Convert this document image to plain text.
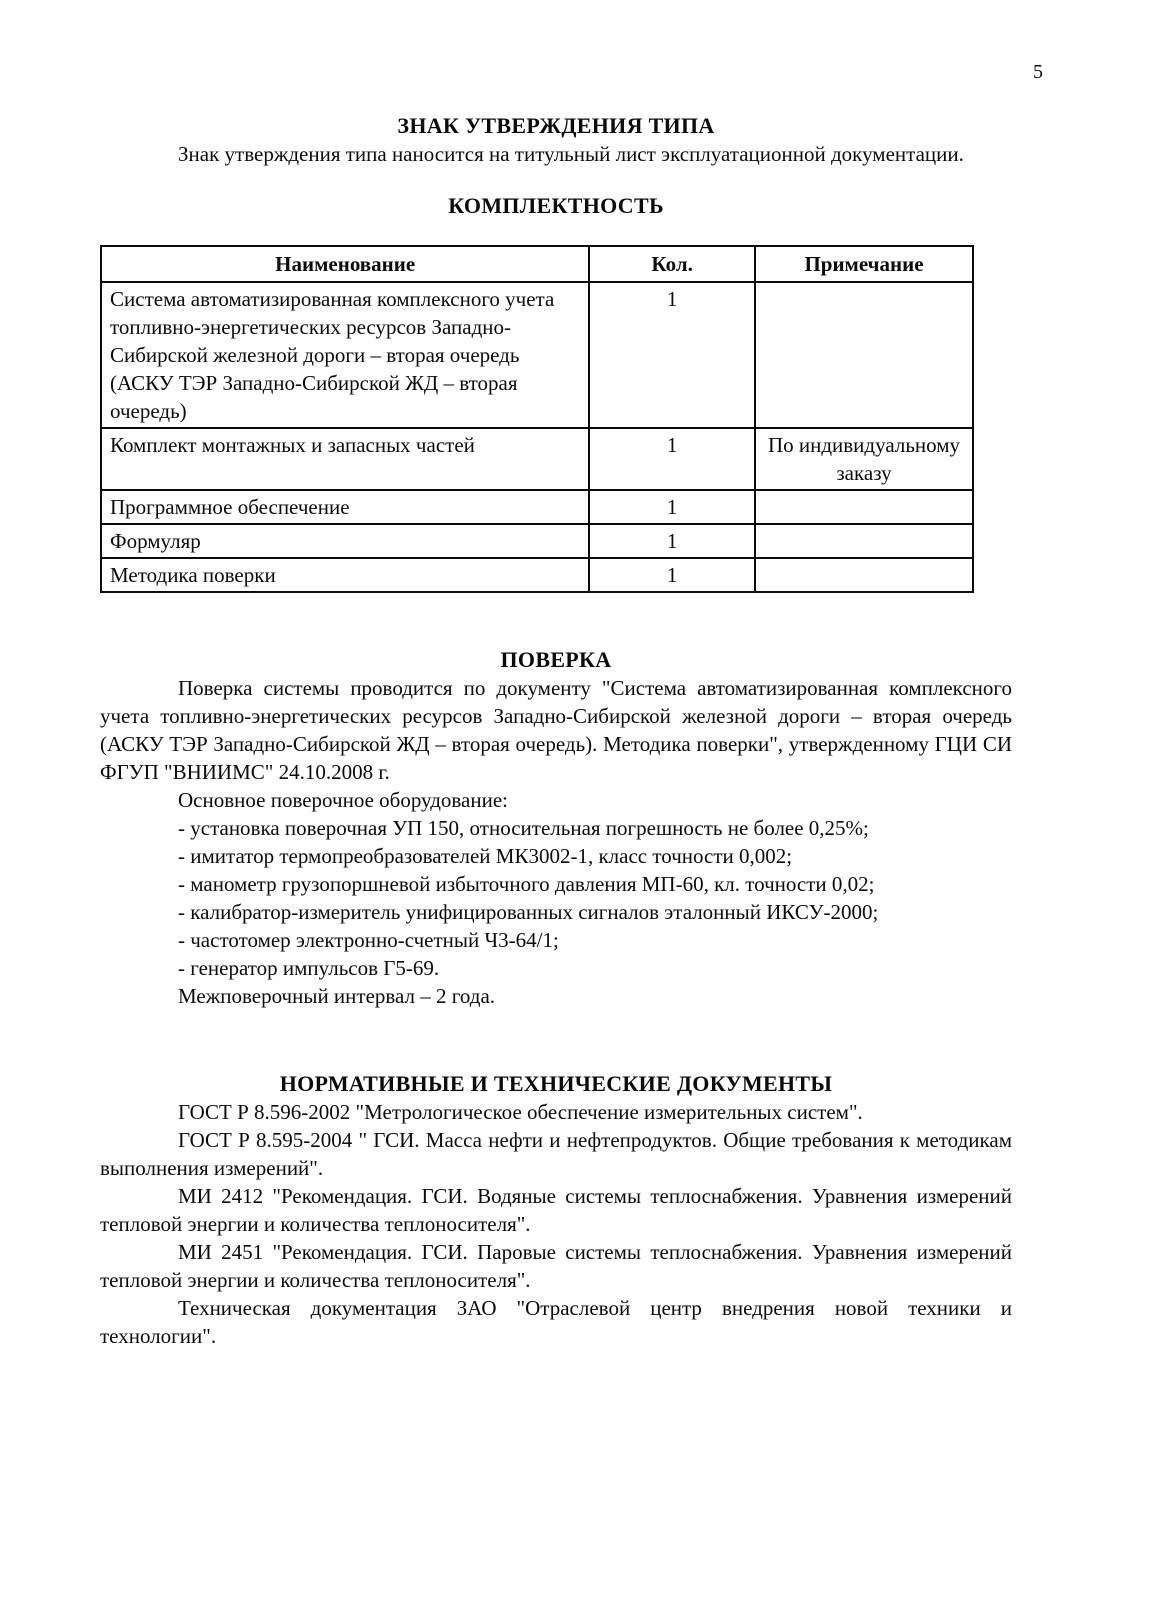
5
ЗНАК УТВЕРЖДЕНИЯ ТИПА

Знак утверждения типа наносится на титульный лист эксплуатационной документации.

КОМПЛЕКТНОСТЬ
Наименование	Кол.	Примечание
Система автоматизированная комплексного учета топливно-энергетических ресурсов Западно-Сибирской железной дороги – вторая очередь (АСКУ ТЭР Западно-Сибирской ЖД – вторая очередь)	1	
Комплект монтажных и запасных частей	1	По индивидуальному заказу
Программное обеспечение	1	
Формуляр	1	
Методика поверки	1	
ПОВЕРКА

Поверка системы проводится по документу "Система автоматизированная комплексного учета топливно-энергетических ресурсов Западно-Сибирской железной дороги – вторая очередь (АСКУ ТЭР Западно-Сибирской ЖД – вторая очередь). Методика поверки", утвержденному ГЦИ СИ ФГУП "ВНИИМС" 24.10.2008 г.

Основное поверочное оборудование:
- установка поверочная УП 150, относительная погрешность не более 0,25%;
- имитатор термопреобразователей МК3002-1, класс точности 0,002;
- манометр грузопоршневой избыточного давления МП-60, кл. точности 0,02;
- калибратор-измеритель унифицированных сигналов эталонный ИКСУ-2000;
- частотомер электронно-счетный Ч3-64/1;
- генератор импульсов Г5-69.
Межповерочный интервал – 2 года.
НОРМАТИВНЫЕ И ТЕХНИЧЕСКИЕ ДОКУМЕНТЫ

ГОСТ Р 8.596-2002 "Метрологическое обеспечение измерительных систем".

ГОСТ Р 8.595-2004 " ГСИ. Масса нефти и нефтепродуктов. Общие требования к методикам выполнения измерений".

МИ 2412 "Рекомендация. ГСИ. Водяные системы теплоснабжения. Уравнения измерений тепловой энергии и количества теплоносителя".

МИ 2451 "Рекомендация. ГСИ. Паровые системы теплоснабжения. Уравнения измерений тепловой энергии и количества теплоносителя".

Техническая документация ЗАО "Отраслевой центр внедрения новой техники и технологии".
